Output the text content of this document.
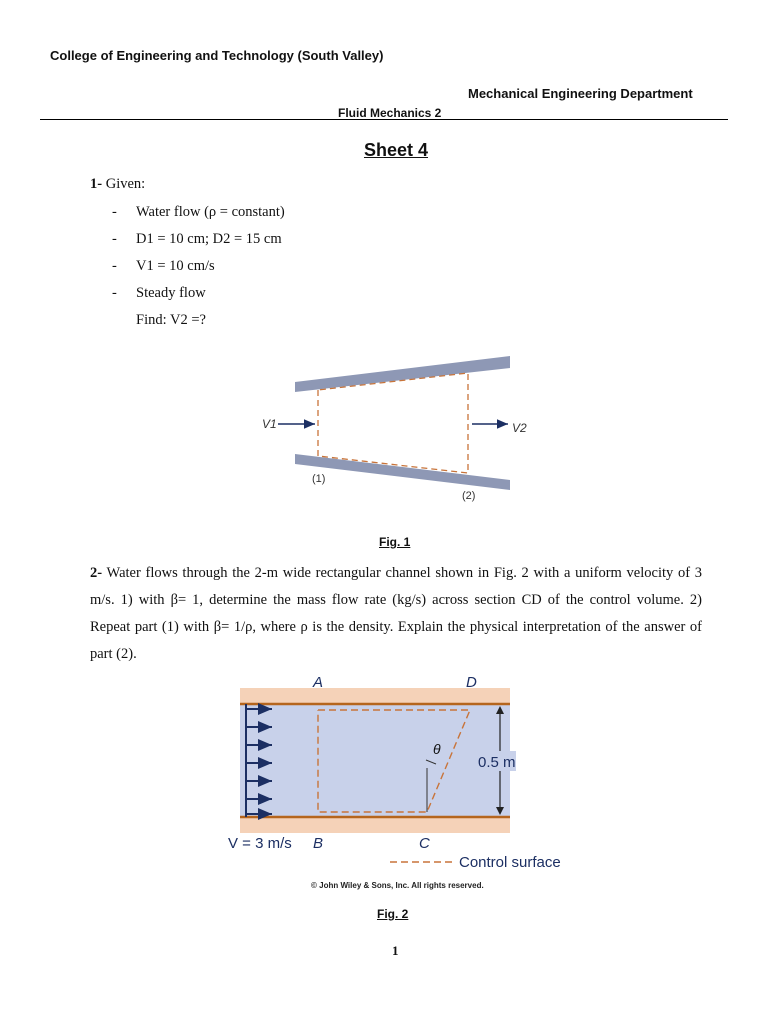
College of Engineering and Technology (South Valley)
Mechanical Engineering Department
Fluid Mechanics 2
Sheet 4
1- Given:
- Water flow (ρ = constant)
- D1 = 10 cm; D2 = 15 cm
- V1 = 10 cm/s
- Steady flow
Find: V2 =?
V1	V2
(1)
(2)
Fig. 1
2- Water flows through the 2-m wide rectangular channel shown in Fig. 2 with a uniform velocity of 3 m/s. 1) with β= 1, determine the mass flow rate (kg/s) across section CD of the control volume. 2) Repeat part (1) with β= 1/ρ, where ρ is the density. Explain the physical interpretation of the answer of part (2).
θ
0.5 m
A	D
B	C
V = 3 m/s
Control surface
© John Wiley & Sons, Inc. All rights reserved.
Fig. 2
1
